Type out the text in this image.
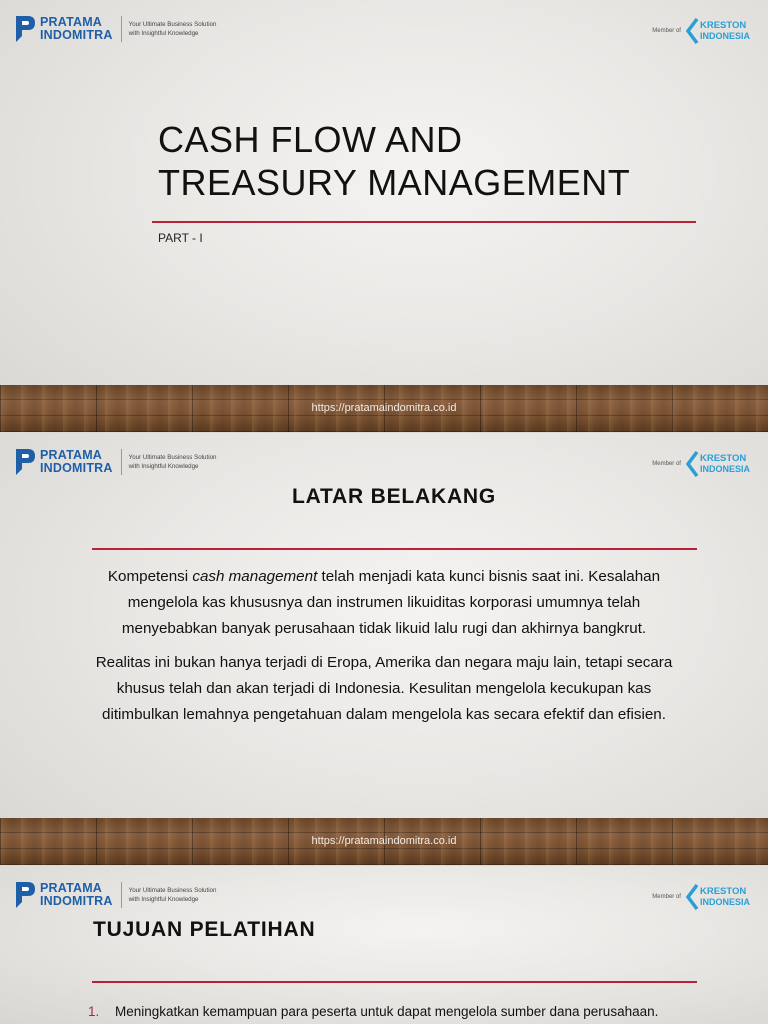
PRATAMA
INDOMITRA
Your Ultimate Business Solution
with Insightful Knowledge	Member of KRESTON
INDONESIA
CASH FLOW AND
TREASURY MANAGEMENT
PART - I
https://pratamaindomitra.co.id
PRATAMA
INDOMITRA
Your Ultimate Business Solution
with Insightful Knowledge	Member of KRESTON
INDONESIA
LATAR BELAKANG

Kompetensi cash management telah menjadi kata kunci bisnis saat ini. Kesalahan mengelola kas khususnya dan instrumen likuiditas korporasi umumnya telah menyebabkan banyak perusahaan tidak likuid lalu rugi dan akhirnya bangkrut.

Realitas ini bukan hanya terjadi di Eropa, Amerika dan negara maju lain, tetapi secara khusus telah dan akan terjadi di Indonesia. Kesulitan mengelola kecukupan kas ditimbulkan lemahnya pengetahuan dalam mengelola kas secara efektif dan efisien.

https://pratamaindomitra.co.id
PRATAMA
INDOMITRA
Your Ultimate Business Solution
with Insightful Knowledge	Member of KRESTON
INDONESIA
TUJUAN PELATIHAN
1.	Meningkatkan kemampuan para peserta untuk dapat mengelola sumber dana perusahaan.
